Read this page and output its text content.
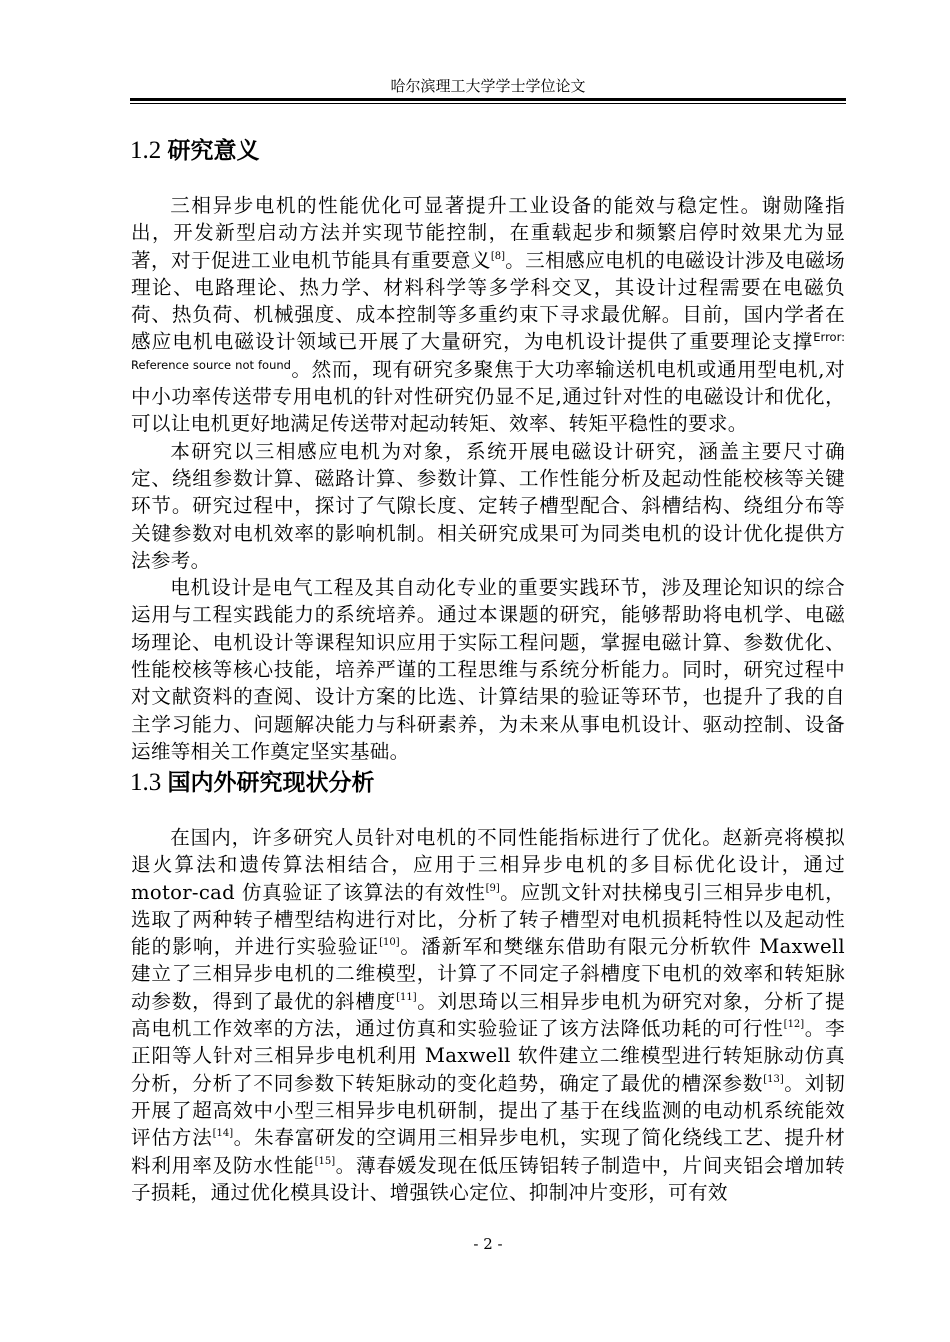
哈尔滨理工大学学士学位论文
1.2 研究意义

三相异步电机的性能优化可显著提升工业设备的能效与稳定性。谢勋隆指出，开发新型启动方法并实现节能控制，在重载起步和频繁启停时效果尤为显著，对于促进工业电机节能具有重要意义[8]。三相感应电机的电磁设计涉及电磁场理论、电路理论、热力学、材料科学等多学科交叉，其设计过程需要在电磁负荷、热负荷、机械强度、成本控制等多重约束下寻求最优解。目前，国内学者在感应电机电磁设计领域已开展了大量研究，为电机设计提供了重要理论支撑$^{Error: Reference source not found}$。然而，现有研究多聚焦于大功率输送机电机或通用型电机,对中小功率传送带专用电机的针对性研究仍显不足,通过针对性的电磁设计和优化，可以让电机更好地满足传送带对起动转矩、效率、转矩平稳性的要求。

本研究以三相感应电机为对象，系统开展电磁设计研究，涵盖主要尺寸确定、绕组参数计算、磁路计算、参数计算、工作性能分析及起动性能校核等关键环节。研究过程中，探讨了气隙长度、定转子槽型配合、斜槽结构、绕组分布等关键参数对电机效率的影响机制。相关研究成果可为同类电机的设计优化提供方法参考。

电机设计是电气工程及其自动化专业的重要实践环节，涉及理论知识的综合运用与工程实践能力的系统培养。通过本课题的研究，能够帮助将电机学、电磁场理论、电机设计等课程知识应用于实际工程问题，掌握电磁计算、参数优化、性能校核等核心技能，培养严谨的工程思维与系统分析能力。同时，研究过程中对文献资料的查阅、设计方案的比选、计算结果的验证等环节，也提升了我的自主学习能力、问题解决能力与科研素养，为未来从事电机设计、驱动控制、设备运维等相关工作奠定坚实基础。

1.3 国内外研究现状分析

在国内，许多研究人员针对电机的不同性能指标进行了优化。赵新亮将模拟退火算法和遗传算法相结合，应用于三相异步电机的多目标优化设计，通过 motor-cad 仿真验证了该算法的有效性[9]。应凯文针对扶梯曳引三相异步电机，选取了两种转子槽型结构进行对比，分析了转子槽型对电机损耗特性以及起动性能的影响，并进行实验验证[10]。潘新军和樊继东借助有限元分析软件 Maxwell 建立了三相异步电机的二维模型，计算了不同定子斜槽度下电机的效率和转矩脉动参数，得到了最优的斜槽度[11]。刘思琦以三相异步电机为研究对象，分析了提高电机工作效率的方法，通过仿真和实验验证了该方法降低功耗的可行性[12]。李正阳等人针对三相异步电机利用 Maxwell 软件建立二维模型进行转矩脉动仿真分析，分析了不同参数下转矩脉动的变化趋势，确定了最优的槽深参数[13]。刘韧开展了超高效中小型三相异步电机研制，提出了基于在线监测的电动机系统能效评估方法[14]。朱春富研发的空调用三相异步电机，实现了简化绕线工艺、提升材料利用率及防水性能[15]。薄春媛发现在低压铸铝转子制造中，片间夹铝会增加转子损耗，通过优化模具设计、增强铁心定位、抑制冲片变形，可有效

- 2 -
